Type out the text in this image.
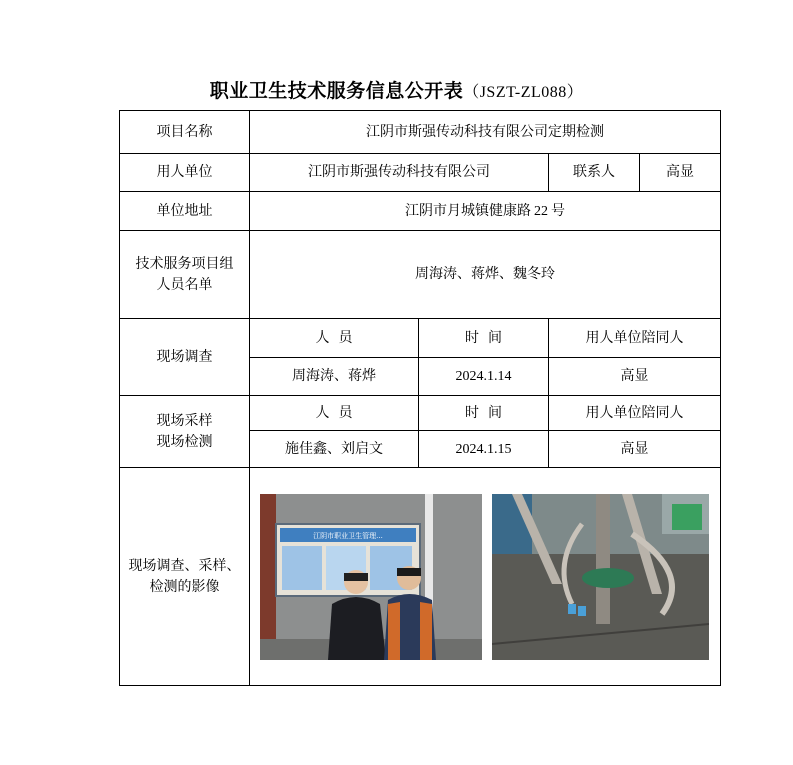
职业卫生技术服务信息公开表（JSZT-ZL088）
项目名称	江阴市斯强传动科技有限公司定期检测			
用人单位	江阴市斯强传动科技有限公司		联系人	高显
单位地址	江阴市月城镇健康路 22 号			

技术服务项目组
人员名单	周海涛、蒋烨、魏冬玲			
现场调查	人  员	时  间	用人单位陪同人	
	周海涛、蒋烨	2024.1.14	高显	

现场采样
现场检测	人  员	时  间	用人单位陪同人	
	施佳鑫、刘启文	2024.1.15	高显	

现场调查、采样、
检测的影像	江阴市职业卫生管理...			
